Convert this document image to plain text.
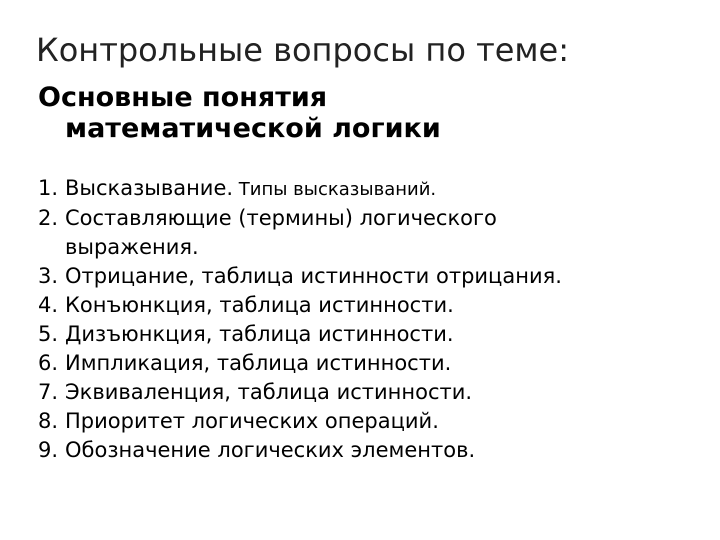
Контрольные вопросы по теме:
Основные понятия
математической логики
1. Высказывание. Типы высказываний.
2. Составляющие (термины) логического
выражения.
3. Отрицание, таблица истинности отрицания.
4. Конъюнкция, таблица истинности.
5. Дизъюнкция, таблица истинности.
6. Импликация, таблица истинности.
7. Эквиваленция, таблица истинности.
8. Приоритет логических операций.
9. Обозначение логических элементов.
